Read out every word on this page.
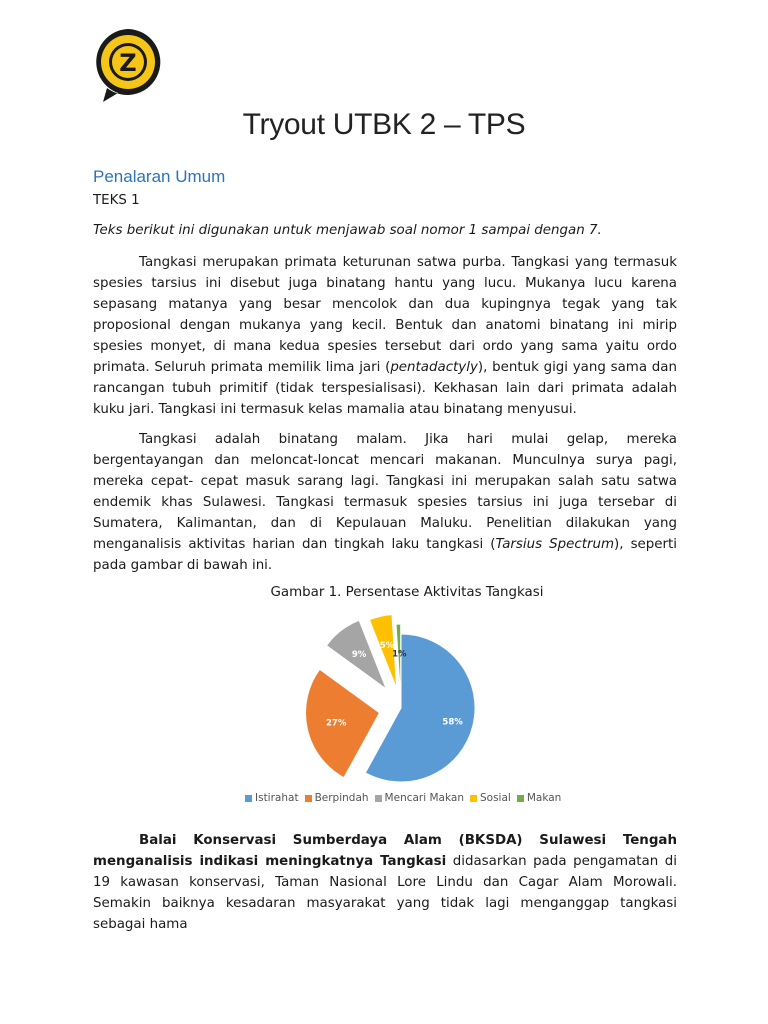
Z
Tryout UTBK 2 – TPS
Penalaran Umum

TEKS 1

Teks berikut ini digunakan untuk menjawab soal nomor 1 sampai dengan 7.

Tangkasi merupakan primata keturunan satwa purba. Tangkasi yang termasuk spesies tarsius ini disebut juga binatang hantu yang lucu. Mukanya lucu karena sepasang matanya yang besar mencolok dan dua kupingnya tegak yang tak proposional dengan mukanya yang kecil. Bentuk dan anatomi binatang ini mirip spesies monyet, di mana kedua spesies tersebut dari ordo yang sama yaitu ordo primata. Seluruh primata memilik lima jari (pentadactyly), bentuk gigi yang sama dan rancangan tubuh primitif (tidak terspesialisasi). Kekhasan lain dari primata adalah kuku jari. Tangkasi ini termasuk kelas mamalia atau binatang menyusui.

Tangkasi adalah binatang malam. Jika hari mulai gelap, mereka bergentayangan dan meloncat-loncat mencari makanan. Munculnya surya pagi, mereka cepat- cepat masuk sarang lagi. Tangkasi ini merupakan salah satu satwa endemik khas Sulawesi. Tangkasi termasuk spesies tarsius ini juga tersebar di Sumatera, Kalimantan, dan di Kepulauan Maluku. Penelitian dilakukan yang menganalisis aktivitas harian dan tingkah laku tangkasi (Tarsius Spectrum), seperti pada gambar di bawah ini.

Gambar 1. Persentase Aktivitas Tangkasi

58%
27%
9%
5%
1%
Istirahat Berpindah Mencari Makan Sosial Makan

Balai Konservasi Sumberdaya Alam (BKSDA) Sulawesi Tengah menganalisis indikasi meningkatnya Tangkasi didasarkan pada pengamatan di 19 kawasan konservasi, Taman Nasional Lore Lindu dan Cagar Alam Morowali. Semakin baiknya kesadaran masyarakat yang tidak lagi menganggap tangkasi sebagai hama
